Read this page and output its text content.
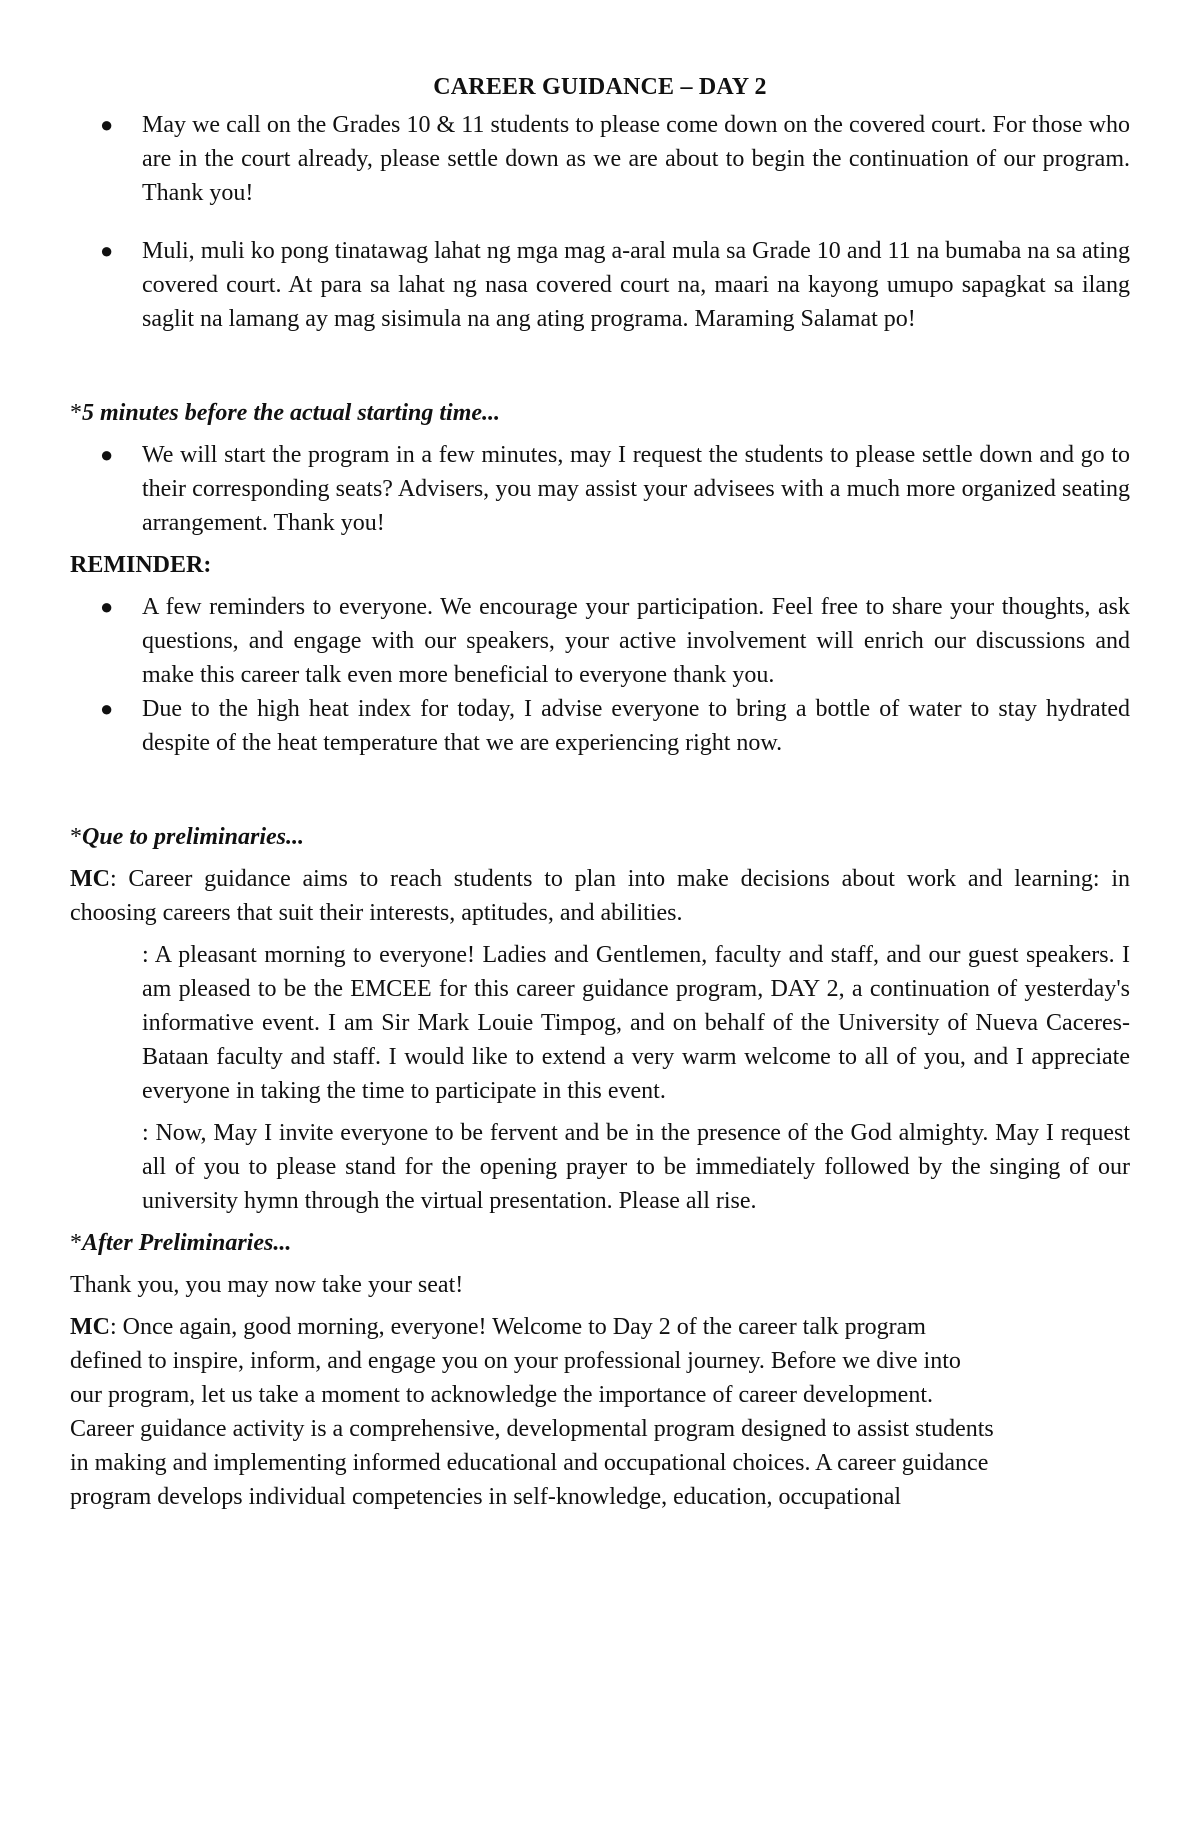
CAREER GUIDANCE – DAY 2
● May we call on the Grades 10 & 11 students to please come down on the covered court. For those who are in the court already, please settle down as we are about to begin the continuation of our program. Thank you!
● Muli, muli ko pong tinatawag lahat ng mga mag a-aral mula sa Grade 10 and 11 na bumaba na sa ating covered court. At para sa lahat ng nasa covered court na, maari na kayong umupo sapagkat sa ilang saglit na lamang ay mag sisimula na ang ating programa. Maraming Salamat po!

*5 minutes before the actual starting time...

● We will start the program in a few minutes, may I request the students to please settle down and go to their corresponding seats? Advisers, you may assist your advisees with a much more organized seating arrangement. Thank you!

REMINDER:

● A few reminders to everyone. We encourage your participation. Feel free to share your thoughts, ask questions, and engage with our speakers, your active involvement will enrich our discussions and make this career talk even more beneficial to everyone thank you.
● Due to the high heat index for today, I advise everyone to bring a bottle of water to stay hydrated despite of the heat temperature that we are experiencing right now.

*Que to preliminaries...

MC: Career guidance aims to reach students to plan into make decisions about work and learning: in choosing careers that suit their interests, aptitudes, and abilities.

: A pleasant morning to everyone! Ladies and Gentlemen, faculty and staff, and our guest speakers. I am pleased to be the EMCEE for this career guidance program, DAY 2, a continuation of yesterday's informative event. I am Sir Mark Louie Timpog, and on behalf of the University of Nueva Caceres-Bataan faculty and staff. I would like to extend a very warm welcome to all of you, and I appreciate everyone in taking the time to participate in this event.

: Now, May I invite everyone to be fervent and be in the presence of the God almighty. May I request all of you to please stand for the opening prayer to be immediately followed by the singing of our university hymn through the virtual presentation. Please all rise.

*After Preliminaries...

Thank you, you may now take your seat!

MC: Once again, good morning, everyone! Welcome to Day 2 of the career talk program
defined to inspire, inform, and engage you on your professional journey. Before we dive into
our program, let us take a moment to acknowledge the importance of career development.
Career guidance activity is a comprehensive, developmental program designed to assist students
in making and implementing informed educational and occupational choices. A career guidance
program develops individual competencies in self-knowledge, education, occupational
